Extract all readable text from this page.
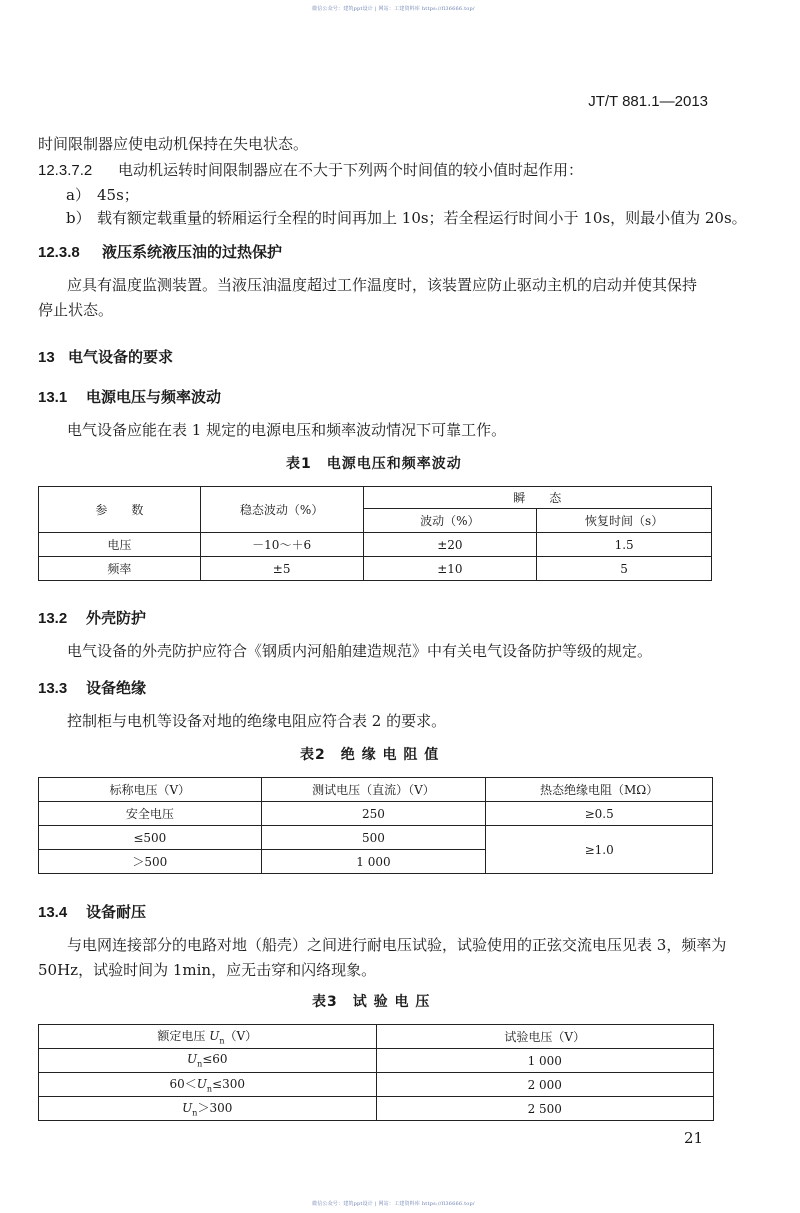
微信公众号：建筑ppt设计 | 网站：工建资料库 https://fl36666.top/
微信公众号：建筑ppt设计 | 网站：工建资料库 https://fl36666.top/
JT/T 881.1—2013
时间限制器应使电动机保持在失电状态。
12.3.7.2 电动机运转时间限制器应在不大于下列两个时间值的较小值时起作用：
a） 45s；
b） 载有额定载重量的轿厢运行全程的时间再加上 10s；若全程运行时间小于 10s，则最小值为 20s。
12.3.8 液压系统液压油的过热保护
应具有温度监测装置。当液压油温度超过工作温度时，该装置应防止驱动主机的启动并使其保持
停止状态。
13 电气设备的要求
13.1 电源电压与频率波动
电气设备应能在表 1 规定的电源电压和频率波动情况下可靠工作。
表1　电源电压和频率波动
参　　数	稳态波动（%）	瞬　　态	
		波动（%）	恢复时间（s）
电压	－10～＋6	±20	1.5
频率	±5	±10	5
13.2 外壳防护
电气设备的外壳防护应符合《钢质内河船舶建造规范》中有关电气设备防护等级的规定。
13.3 设备绝缘
控制柜与电机等设备对地的绝缘电阻应符合表 2 的要求。
表2　绝 缘 电 阻 值
标称电压（V）	测试电压（直流）（V）	热态绝缘电阻（MΩ）
安全电压	250	≥0.5
≤500	500	≥1.0
＞500	1 000	
13.4 设备耐压
与电网连接部分的电路对地（船壳）之间进行耐电压试验，试验使用的正弦交流电压见表 3，频率为
50Hz，试验时间为 1min，应无击穿和闪络现象。
表3　试 验 电 压
额定电压 $U_n(V)$	试验电压（V）
$U_n\le 60$	1 000
$60<U_n\le 300$	2 000
$U_n>300$	2 500
21
